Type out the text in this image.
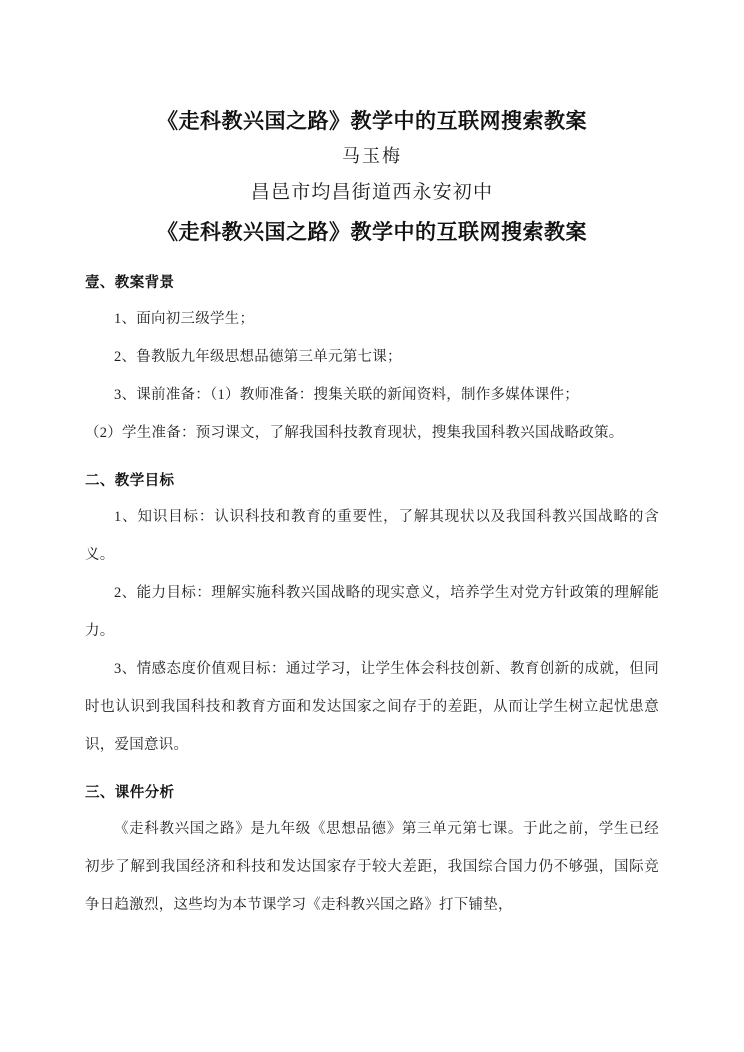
《走科教兴国之路》教学中的互联网搜索教案
马玉梅
昌邑市均昌街道西永安初中
《走科教兴国之路》教学中的互联网搜索教案
壹、教案背景

1、面向初三级学生；

2、鲁教版九年级思想品德第三单元第七课；

3、课前准备：（1）教师准备：搜集关联的新闻资料，制作多媒体课件；

（2）学生准备：预习课文，了解我国科技教育现状，搜集我国科教兴国战略政策。

二、教学目标

1、知识目标：认识科技和教育的重要性，了解其现状以及我国科教兴国战略的含义。

2、能力目标：理解实施科教兴国战略的现实意义，培养学生对党方针政策的理解能力。

3、情感态度价值观目标：通过学习，让学生体会科技创新、教育创新的成就，但同时也认识到我国科技和教育方面和发达国家之间存于的差距，从而让学生树立起忧患意识，爱国意识。

三、课件分析

《走科教兴国之路》是九年级《思想品德》第三单元第七课。于此之前，学生已经初步了解到我国经济和科技和发达国家存于较大差距，我国综合国力仍不够强，国际竞争日趋激烈，这些均为本节课学习《走科教兴国之路》打下铺垫，
